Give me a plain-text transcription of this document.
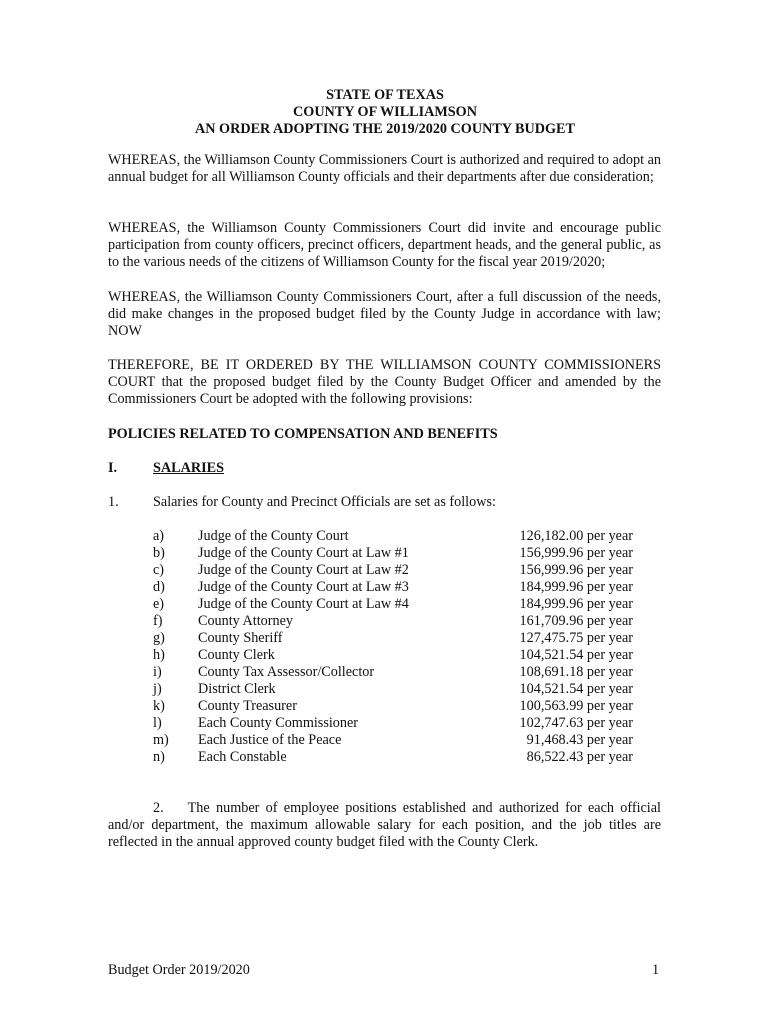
STATE OF TEXAS
COUNTY OF WILLIAMSON
AN ORDER ADOPTING THE 2019/2020 COUNTY BUDGET

WHEREAS, the Williamson County Commissioners Court is authorized and required to adopt an annual budget for all Williamson County officials and their departments after due consideration;

WHEREAS, the Williamson County Commissioners Court did invite and encourage public participation from county officers, precinct officers, department heads, and the general public, as to the various needs of the citizens of Williamson County for the fiscal year 2019/2020;

WHEREAS, the Williamson County Commissioners Court, after a full discussion of the needs, did make changes in the proposed budget filed by the County Judge in accordance with law; NOW

THEREFORE, BE IT ORDERED BY THE WILLIAMSON COUNTY COMMISSIONERS COURT that the proposed budget filed by the County Budget Officer and amended by the Commissioners Court be adopted with the following provisions:

POLICIES RELATED TO COMPENSATION AND BENEFITS
I.	SALARIES
1. Salaries for County and Precinct Officials are set as follows:
a) Judge of the County Court	126,182.00 per year
b) Judge of the County Court at Law #1	156,999.96 per year
c) Judge of the County Court at Law #2	156,999.96 per year
d) Judge of the County Court at Law #3	184,999.96 per year
e) Judge of the County Court at Law #4	184,999.96 per year
f)	County Attorney	161,709.96 per year
g) County Sheriff	127,475.75 per year
h) County Clerk	104,521.54 per year
i)	County Tax Assessor/Collector	108,691.18 per year
j)	District Clerk	104,521.54 per year
k) County Treasurer	100,563.99 per year
l)	Each County Commissioner	102,747.63 per year
m) Each Justice of the Peace	91,468.43 per year
n) Each Constable	86,522.43 per year

2. The number of employee positions established and authorized for each official and/or department, the maximum allowable salary for each position, and the job titles are reflected in the annual approved county budget filed with the County Clerk.

Budget Order 2019/2020	1
